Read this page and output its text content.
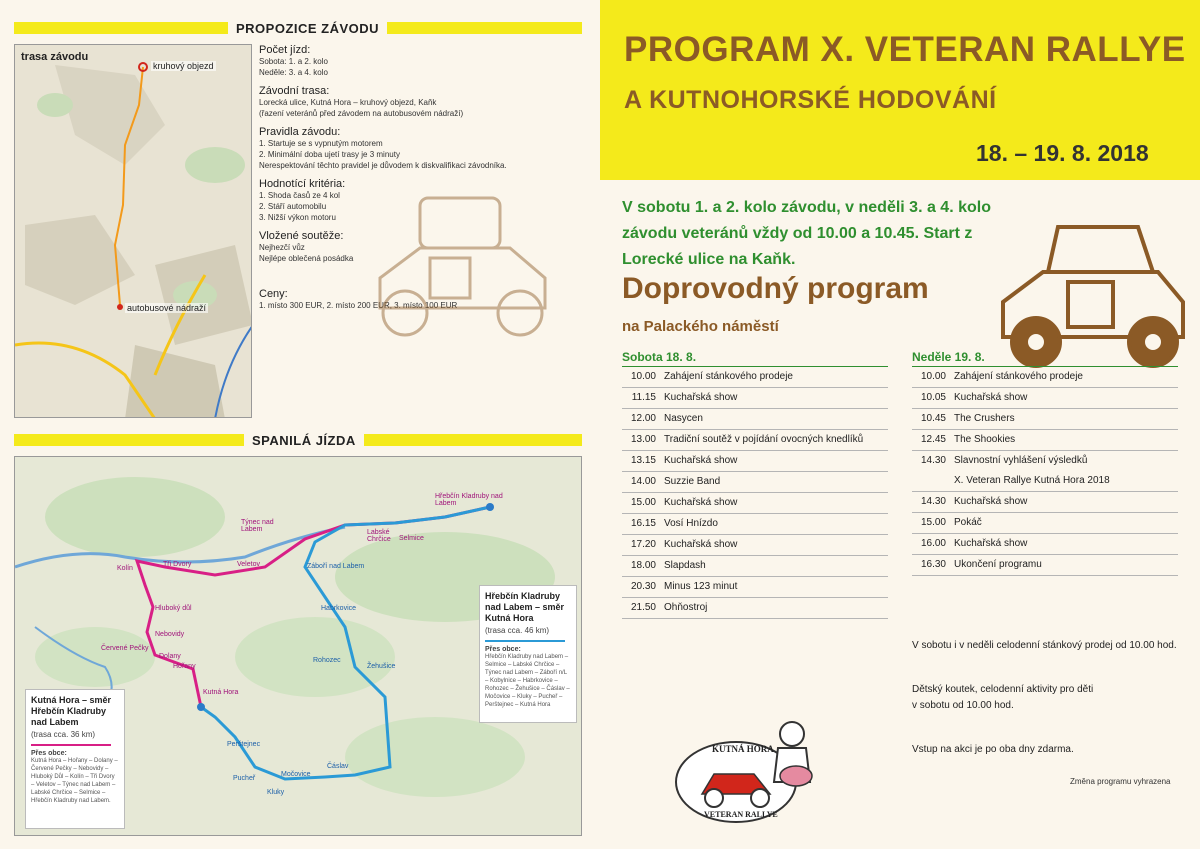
PROPOZICE ZÁVODU
trasa závodu
kruhový objezd
autobusové nádraží
Počet jízd:
Sobota: 1. a 2. kolo
Neděle: 3. a 4. kolo
Závodní trasa:
Lorecká ulice, Kutná Hora – kruhový objezd, Kaňk
(řazení veteránů před závodem na autobusovém nádraží)
Pravidla závodu:
1. Startuje se s vypnutým motorem
2. Minimální doba ujetí trasy je 3 minuty
Nerespektování těchto pravidel je důvodem k diskvalifikaci závodníka.
Hodnotící kritéria:
1. Shoda časů ze 4 kol
2. Stáří automobilu
3. Nižší výkon motoru
Vložené soutěže:
Nejhezčí vůz
Nejlépe oblečená posádka
Ceny:
1. místo 300 EUR, 2. místo 200 EUR, 3. místo 100 EUR
SPANILÁ JÍZDA
Hřebčín Kladruby nad Labem
Týnec nad Labem	Labské Chrčice	Selmice
Kolín
Tři Dvory	Veletov
Hluboký důl
Nebovidy
Červené Pečky
Dolany
Hořany
Kutná Hora
Záboří nad Labem
Habrkovice
Rohozec
Žehušice
Perštejnec
Čáslav
Močovice
Pucheř
Kluky
Kutná Hora – směr Hřebčín Kladruby nad Labem
(trasa cca. 36 km)
Přes obce:
Kutná Hora – Hořany – Dolany – Červené Pečky – Nebovidy – Hluboký Důl – Kolín – Tři Dvory – Veletov – Týnec nad Labem – Labské Chrčice – Selmice – Hřebčín Kladruby nad Labem.
Hřebčín Kladruby nad Labem – směr Kutná Hora
(trasa cca. 46 km)
Přes obce:
Hřebčín Kladruby nad Labem – Selmice – Labské Chrčice – Týnec nad Labem – Záboří n/L – Kobylnice – Habrkovice – Rohozec – Žehušice – Čáslav – Močovice – Kluky – Pucheř – Perštejnec – Kutná Hora
PROGRAM X. VETERAN RALLYE
A KUTNOHORSKÉ HODOVÁNÍ
18. – 19. 8. 2018
V sobotu 1. a 2. kolo závodu, v neděli 3. a 4. kolo závodu veteránů vždy od 10.00 a 10.45. Start z Lorecké ulice na Kaňk.
Doprovodný program
na Palackého náměstí
Sobota 18. 8.
10.00 Zahájení stánkového prodeje
11.15 Kuchařská show
12.00 Nasycen
13.00 Tradiční soutěž v pojídání ovocných knedlíků
13.15 Kuchařská show
14.00 Suzzie Band
15.00 Kuchařská show
16.15 Vosí Hnízdo
17.20 Kuchařská show
18.00 Slapdash
20.30 Minus 123 minut
21.50 Ohňostroj
Neděle 19. 8.
10.00 Zahájení stánkového prodeje
10.05 Kuchařská show
10.45 The Crushers
12.45 The Shookies
14.30 Slavnostní vyhlášení výsledků
X. Veteran Rallye Kutná Hora 2018
14.30 Kuchařská show
15.00 Pokáč
16.00 Kuchařská show
16.30 Ukončení programu
V sobotu i v neděli celodenní stánkový prodej od 10.00 hod.
Dětský koutek, celodenní aktivity pro děti
v sobotu od 10.00 hod.
Vstup na akci je po oba dny zdarma.
Změna programu vyhrazena
KUTNÁ HORA
VETERAN RALLYE
